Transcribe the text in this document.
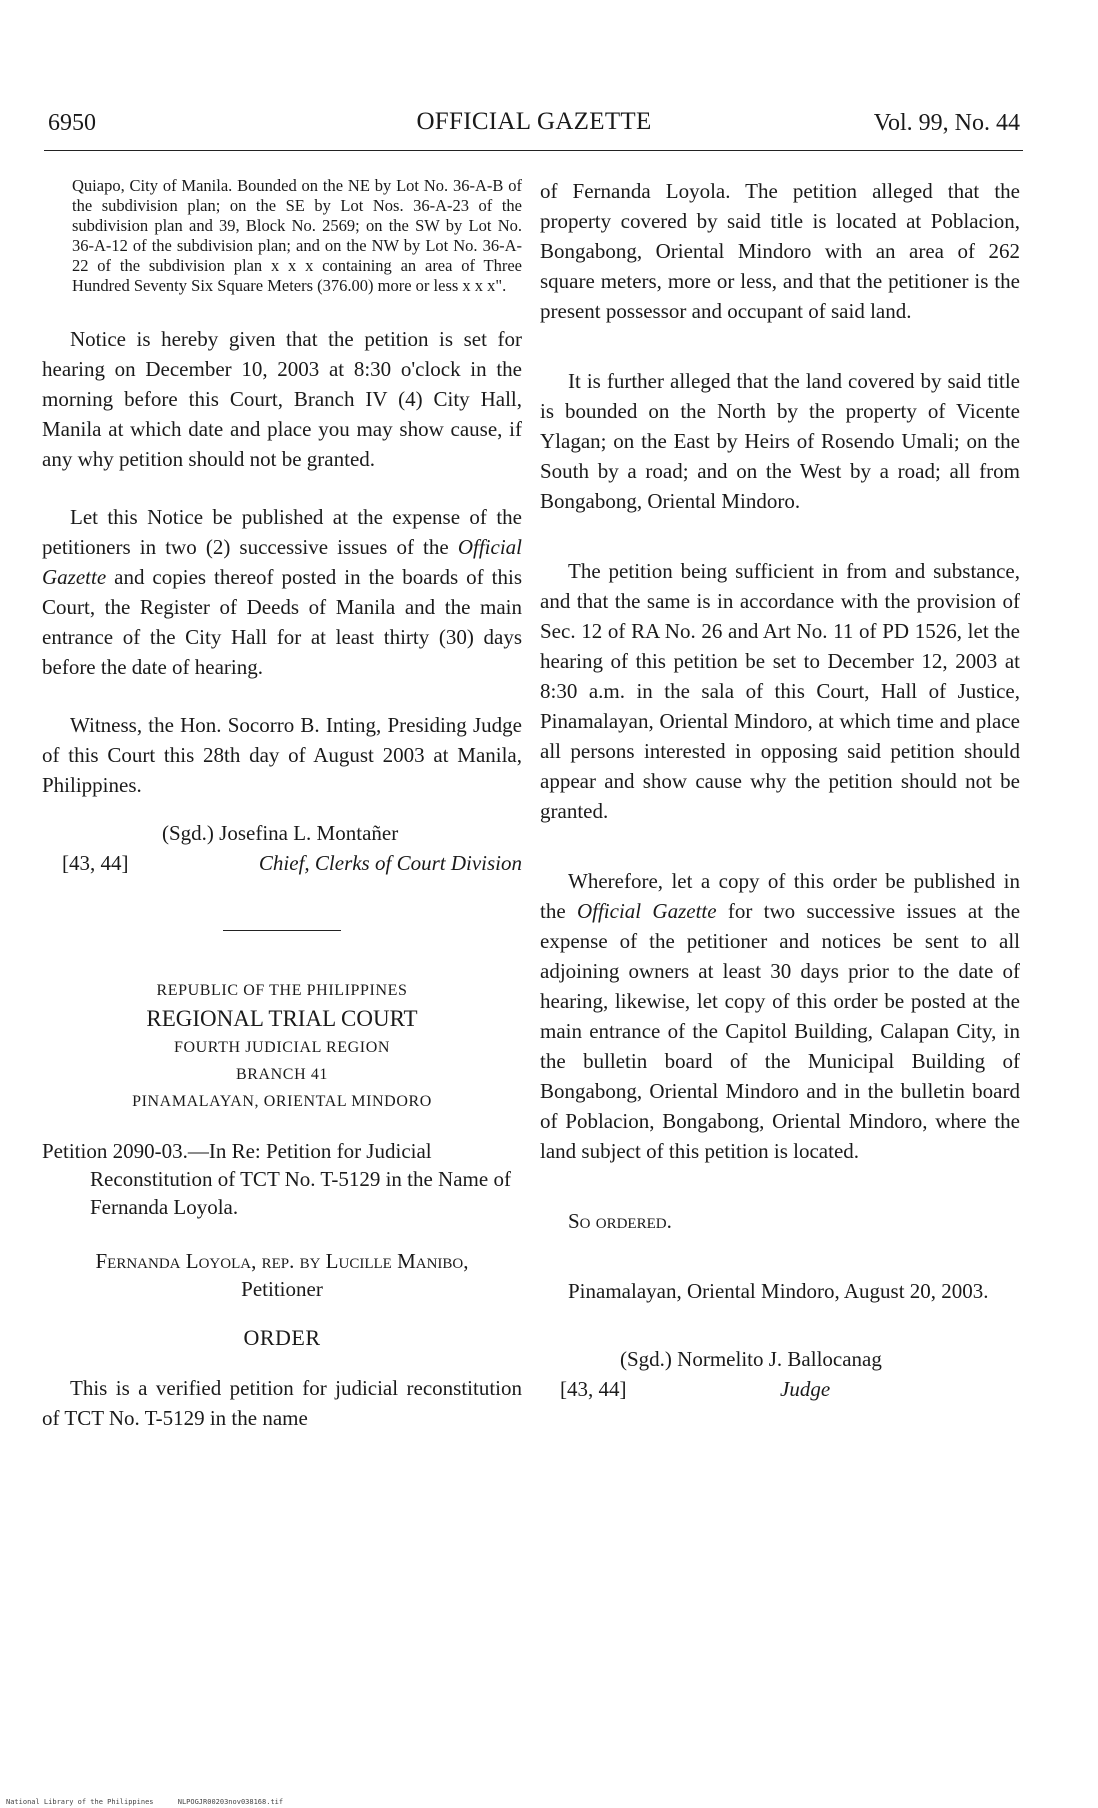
6950	OFFICIAL GAZETTE	Vol. 99, No. 44

Quiapo, City of Manila. Bounded on the NE by Lot No. 36-A-B of the subdivision plan; on the SE by Lot Nos. 36-A-23 of the subdivision plan and 39, Block No. 2569; on the SW by Lot No. 36-A-12 of the subdivision plan; and on the NW by Lot No. 36-A-22 of the subdivision plan x x x containing an area of Three Hundred Seventy Six Square Meters (376.00) more or less x x x".

Notice is hereby given that the petition is set for hearing on December 10, 2003 at 8:30 o'clock in the morning before this Court, Branch IV (4) City Hall, Manila at which date and place you may show cause, if any why petition should not be granted.

Let this Notice be published at the expense of the petitioners in two (2) successive issues of the Official Gazette and copies thereof posted in the boards of this Court, the Register of Deeds of Manila and the main entrance of the City Hall for at least thirty (30) days before the date of hearing.

Witness, the Hon. Socorro B. Inting, Presiding Judge of this Court this 28th day of August 2003 at Manila, Philippines.

(Sgd.) Josefina L. Montañer
[43, 44]	Chief, Clerks of Court Division
REPUBLIC OF THE PHILIPPINES
REGIONAL TRIAL COURT
FOURTH JUDICIAL REGION
BRANCH 41
PINAMALAYAN, ORIENTAL MINDORO

Petition 2090-03.—In Re: Petition for Judicial Reconstitution of TCT No. T-5129 in the Name of Fernanda Loyola.

Fernanda Loyola, rep. by Lucille Manibo,
Petitioner
ORDER

This is a verified petition for judicial reconstitution of TCT No. T-5129 in the name

of Fernanda Loyola. The petition alleged that the property covered by said title is located at Poblacion, Bongabong, Oriental Mindoro with an area of 262 square meters, more or less, and that the petitioner is the present possessor and occupant of said land.

It is further alleged that the land covered by said title is bounded on the North by the property of Vicente Ylagan; on the East by Heirs of Rosendo Umali; on the South by a road; and on the West by a road; all from Bongabong, Oriental Mindoro.

The petition being sufficient in from and substance, and that the same is in accordance with the provision of Sec. 12 of RA No. 26 and Art No. 11 of PD 1526, let the hearing of this petition be set to December 12, 2003 at 8:30 a.m. in the sala of this Court, Hall of Justice, Pinamalayan, Oriental Mindoro, at which time and place all persons interested in opposing said petition should appear and show cause why the petition should not be granted.

Wherefore, let a copy of this order be published in the Official Gazette for two successive issues at the expense of the petitioner and notices be sent to all adjoining owners at least 30 days prior to the date of hearing, likewise, let copy of this order be posted at the main entrance of the Capitol Building, Calapan City, in the bulletin board of the Municipal Building of Bongabong, Oriental Mindoro and in the bulletin board of Poblacion, Bongabong, Oriental Mindoro, where the land subject of this petition is located.

So ordered.

Pinamalayan, Oriental Mindoro, August 20, 2003.

(Sgd.) Normelito J. Ballocanag
[43, 44]	Judge
National Library of the Philippines	NLPOGJR00203nov038168.tif
